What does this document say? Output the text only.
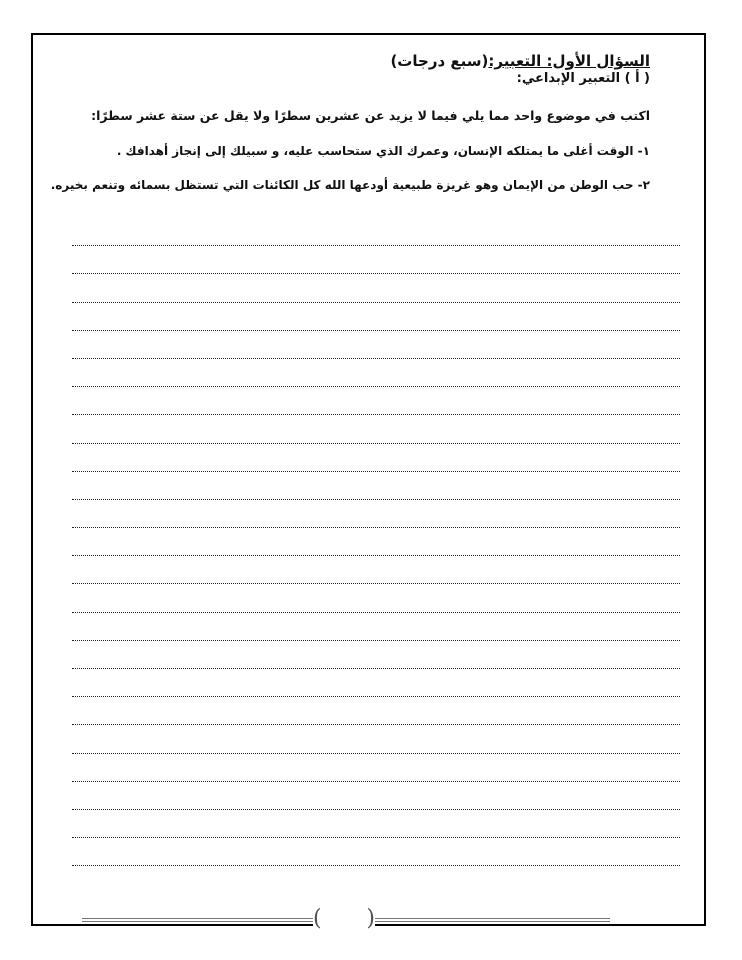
السؤال الأول: التعبير:(سبع درجات)
( أ ) التعبير الإبداعي:
اكتب في موضوع واحد مما يلي فيما لا يزيد عن عشرين سطرًا ولا يقل عن ستة عشر سطرًا:
١- الوقت أغلى ما يمتلكه الإنسان، وعمرك الذي ستحاسب عليه، و سبيلك إلى إنجاز أهدافك .
٢- حب الوطن من الإيمان وهو غريزة طبيعية أودعها الله كل الكائنات التي تستظل بسمائه وتنعم بخيره.
( )
